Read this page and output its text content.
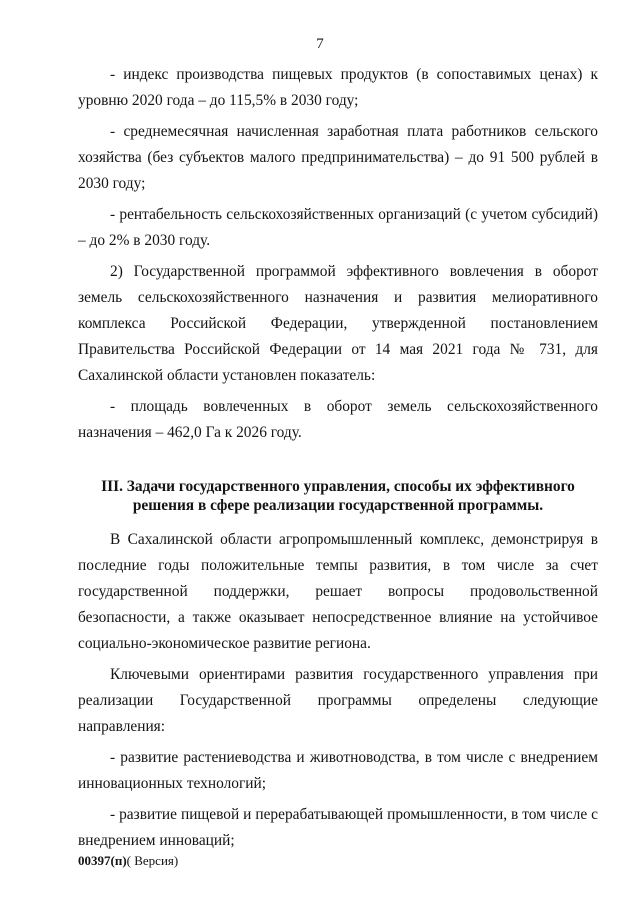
7

- индекс производства пищевых продуктов (в сопоставимых ценах) к уровню 2020 года – до 115,5% в 2030 году;

- среднемесячная начисленная заработная плата работников сельского хозяйства (без субъектов малого предпринимательства) – до 91 500 рублей в 2030 году;

- рентабельность сельскохозяйственных организаций (с учетом субсидий) – до 2% в 2030 году.

2) Государственной программой эффективного вовлечения в оборот земель сельскохозяйственного назначения и развития мелиоративного комплекса Российской Федерации, утвержденной постановлением Правительства Российской Федерации от 14 мая 2021 года № 731, для Сахалинской области установлен показатель:

- площадь вовлеченных в оборот земель сельскохозяйственного назначения – 462,0 Га к 2026 году.

III. Задачи государственного управления, способы их эффективного
решения в сфере реализации государственной программы.

В Сахалинской области агропромышленный комплекс, демонстрируя в последние годы положительные темпы развития, в том числе за счет государственной поддержки, решает вопросы продовольственной безопасности, а также оказывает непосредственное влияние на устойчивое социально-экономическое развитие региона.

Ключевыми ориентирами развития государственного управления при реализации Государственной программы определены следующие направления:

- развитие растениеводства и животноводства, в том числе с внедрением инновационных технологий;

- развитие пищевой и перерабатывающей промышленности, в том числе с внедрением инноваций;

00397(п)( Версия)
